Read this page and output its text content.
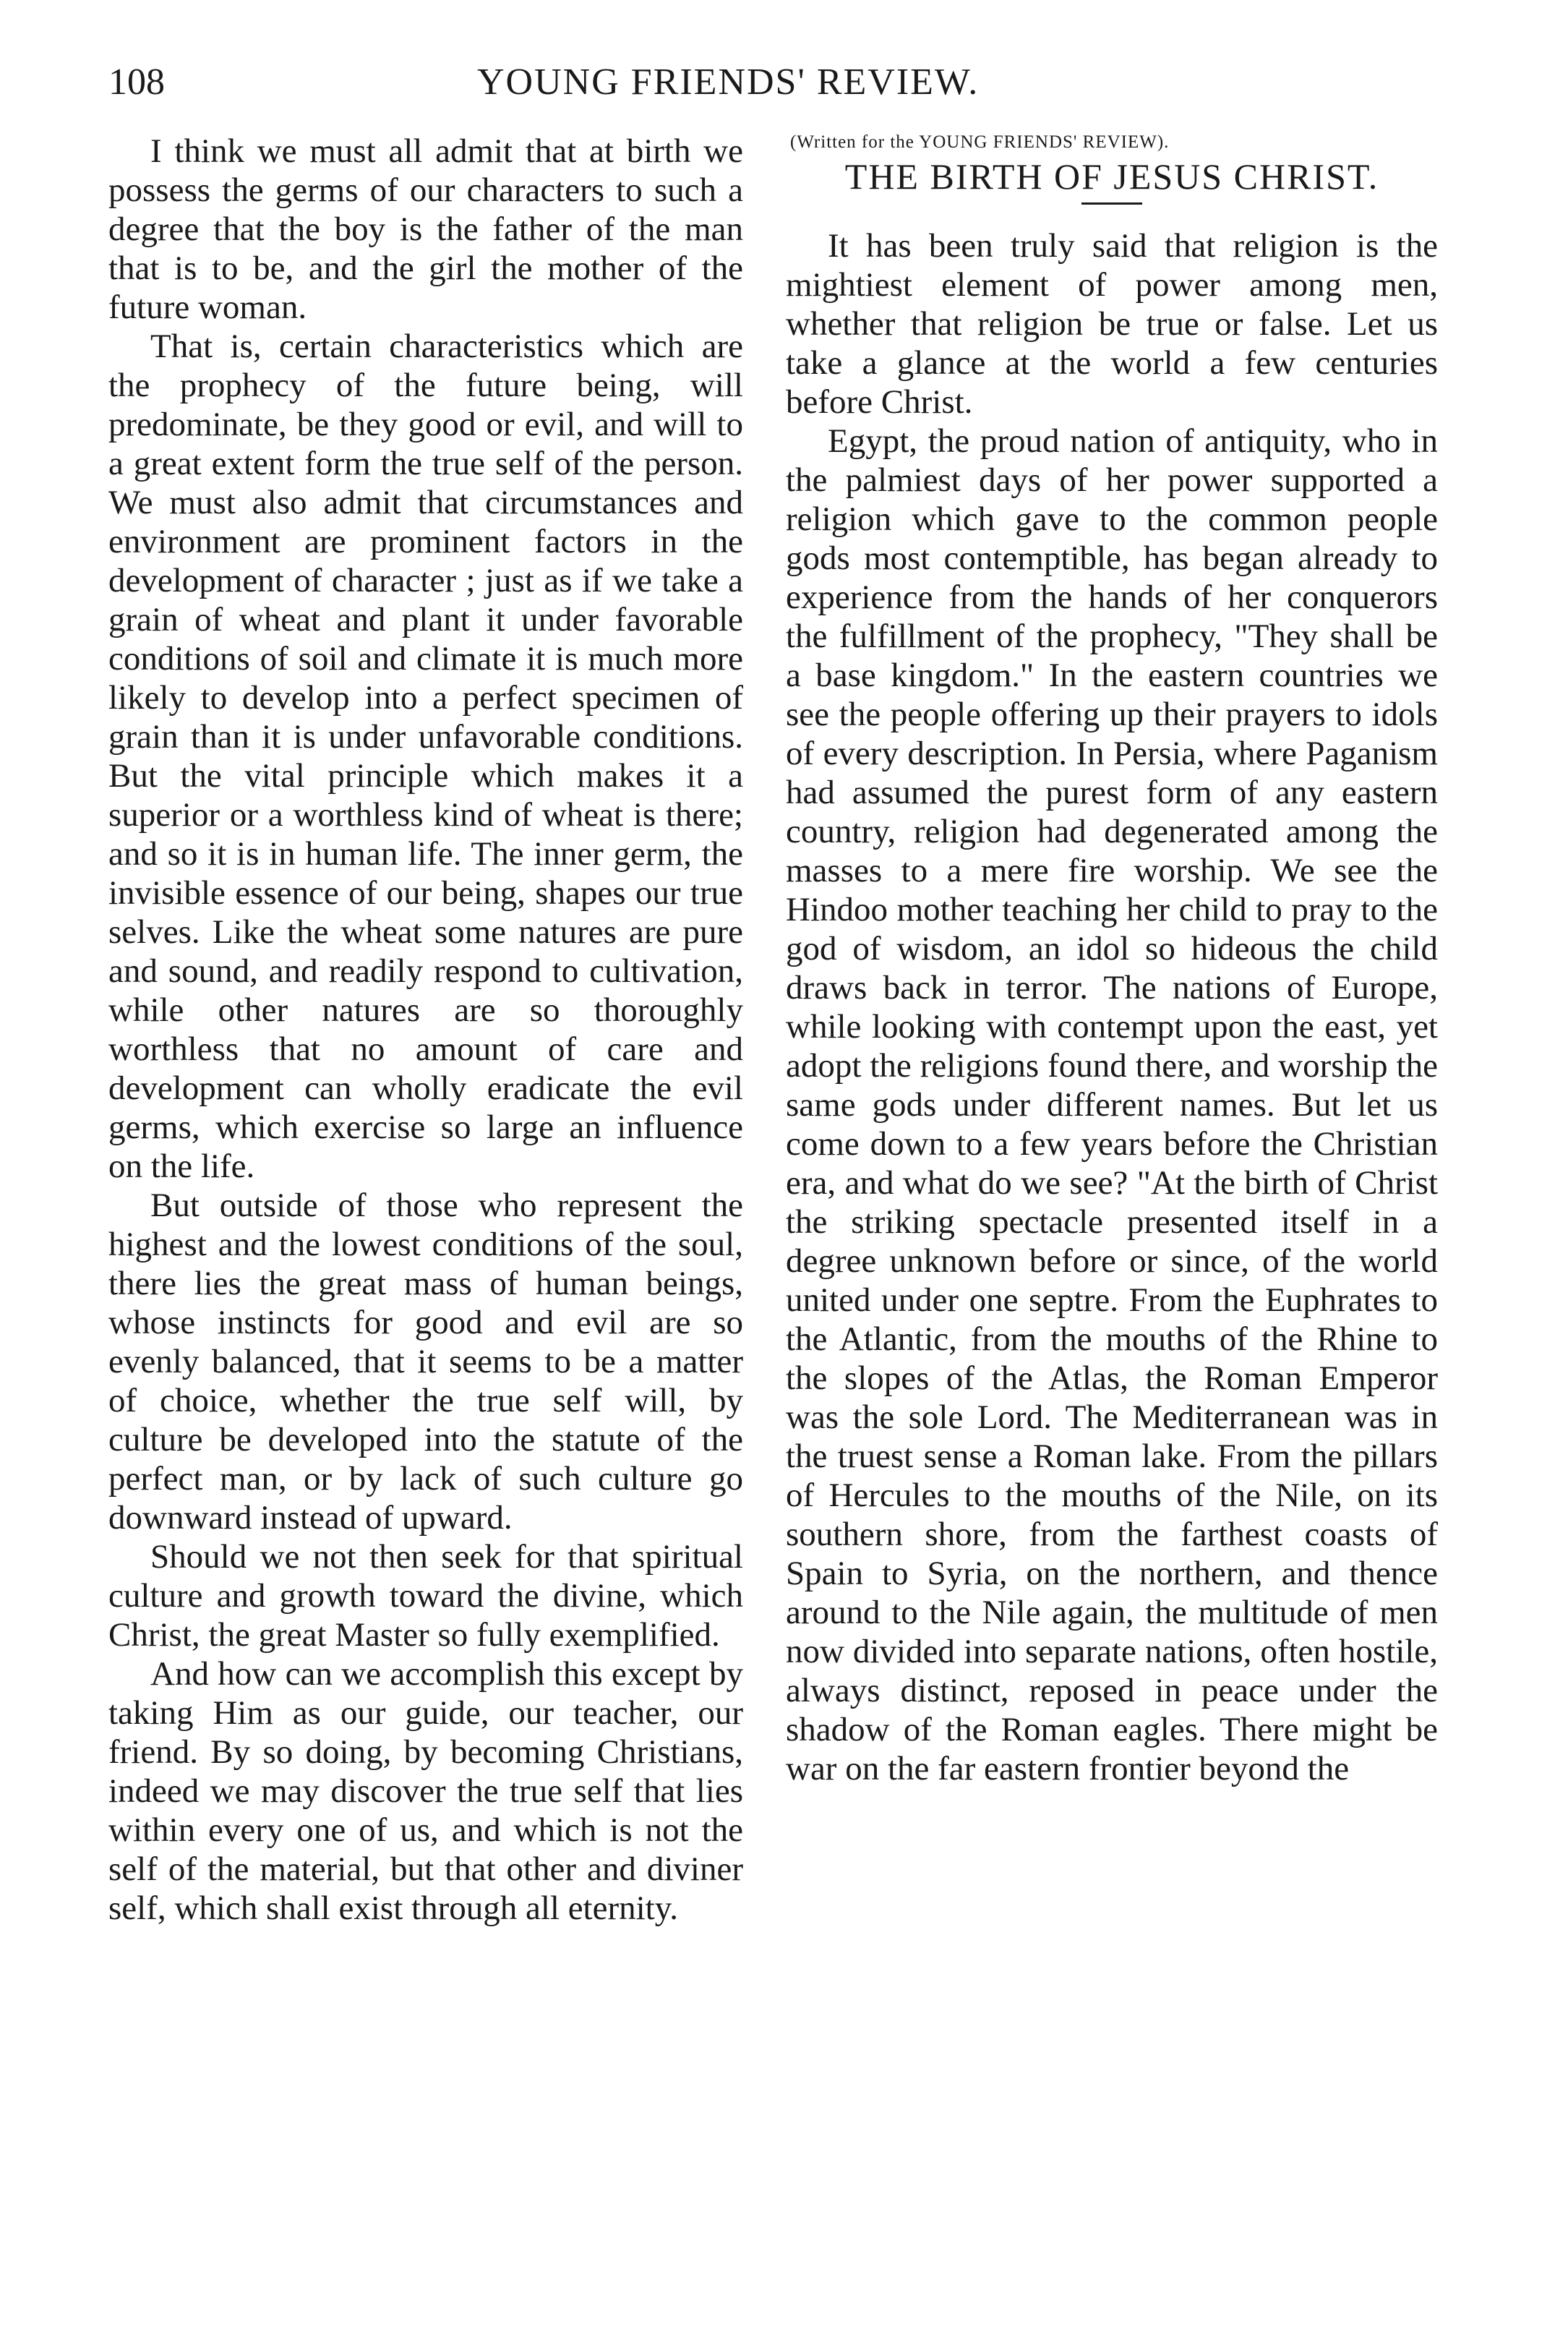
108	YOUNG FRIENDS' REVIEW.

I think we must all admit that at birth we possess the germs of our characters to such a degree that the boy is the father of the man that is to be, and the girl the mother of the future woman.

That is, certain characteristics which are the prophecy of the future being, will predominate, be they good or evil, and will to a great extent form the true self of the person. We must also admit that circumstances and environment are prominent factors in the development of character ; just as if we take a grain of wheat and plant it under favorable conditions of soil and climate it is much more likely to develop into a perfect specimen of grain than it is under unfavorable conditions. But the vital principle which makes it a superior or a worthless kind of wheat is there; and so it is in human life. The inner germ, the invisible essence of our being, shapes our true selves. Like the wheat some natures are pure and sound, and readily respond to cultivation, while other natures are so thoroughly worthless that no amount of care and development can wholly eradicate the evil germs, which exercise so large an influence on the life.

But outside of those who represent the highest and the lowest conditions of the soul, there lies the great mass of human beings, whose instincts for good and evil are so evenly balanced, that it seems to be a matter of choice, whether the true self will, by culture be developed into the statute of the perfect man, or by lack of such culture go downward instead of upward.

Should we not then seek for that spiritual culture and growth toward the divine, which Christ, the great Master so fully exemplified.

And how can we accomplish this except by taking Him as our guide, our teacher, our friend. By so doing, by becoming Christians, indeed we may discover the true self that lies within every one of us, and which is not the self of the material, but that other and diviner self, which shall exist through all eternity.

(Written for the YOUNG FRIENDS' REVIEW).

THE BIRTH OF JESUS CHRIST.

It has been truly said that religion is the mightiest element of power among men, whether that religion be true or false. Let us take a glance at the world a few centuries before Christ.

Egypt, the proud nation of antiquity, who in the palmiest days of her power supported a religion which gave to the common people gods most contemptible, has began already to experience from the hands of her conquerors the fulfillment of the prophecy, "They shall be a base kingdom." In the eastern countries we see the people offering up their prayers to idols of every description. In Persia, where Paganism had assumed the purest form of any eastern country, religion had degenerated among the masses to a mere fire worship. We see the Hindoo mother teaching her child to pray to the god of wisdom, an idol so hideous the child draws back in terror. The nations of Europe, while looking with contempt upon the east, yet adopt the religions found there, and worship the same gods under different names. But let us come down to a few years before the Christian era, and what do we see? "At the birth of Christ the striking spectacle presented itself in a degree unknown before or since, of the world united under one septre. From the Euphrates to the Atlantic, from the mouths of the Rhine to the slopes of the Atlas, the Roman Emperor was the sole Lord. The Mediterranean was in the truest sense a Roman lake. From the pillars of Hercules to the mouths of the Nile, on its southern shore, from the farthest coasts of Spain to Syria, on the northern, and thence around to the Nile again, the multitude of men now divided into separate nations, often hostile, always distinct, reposed in peace under the shadow of the Roman eagles. There might be war on the far eastern frontier beyond the
